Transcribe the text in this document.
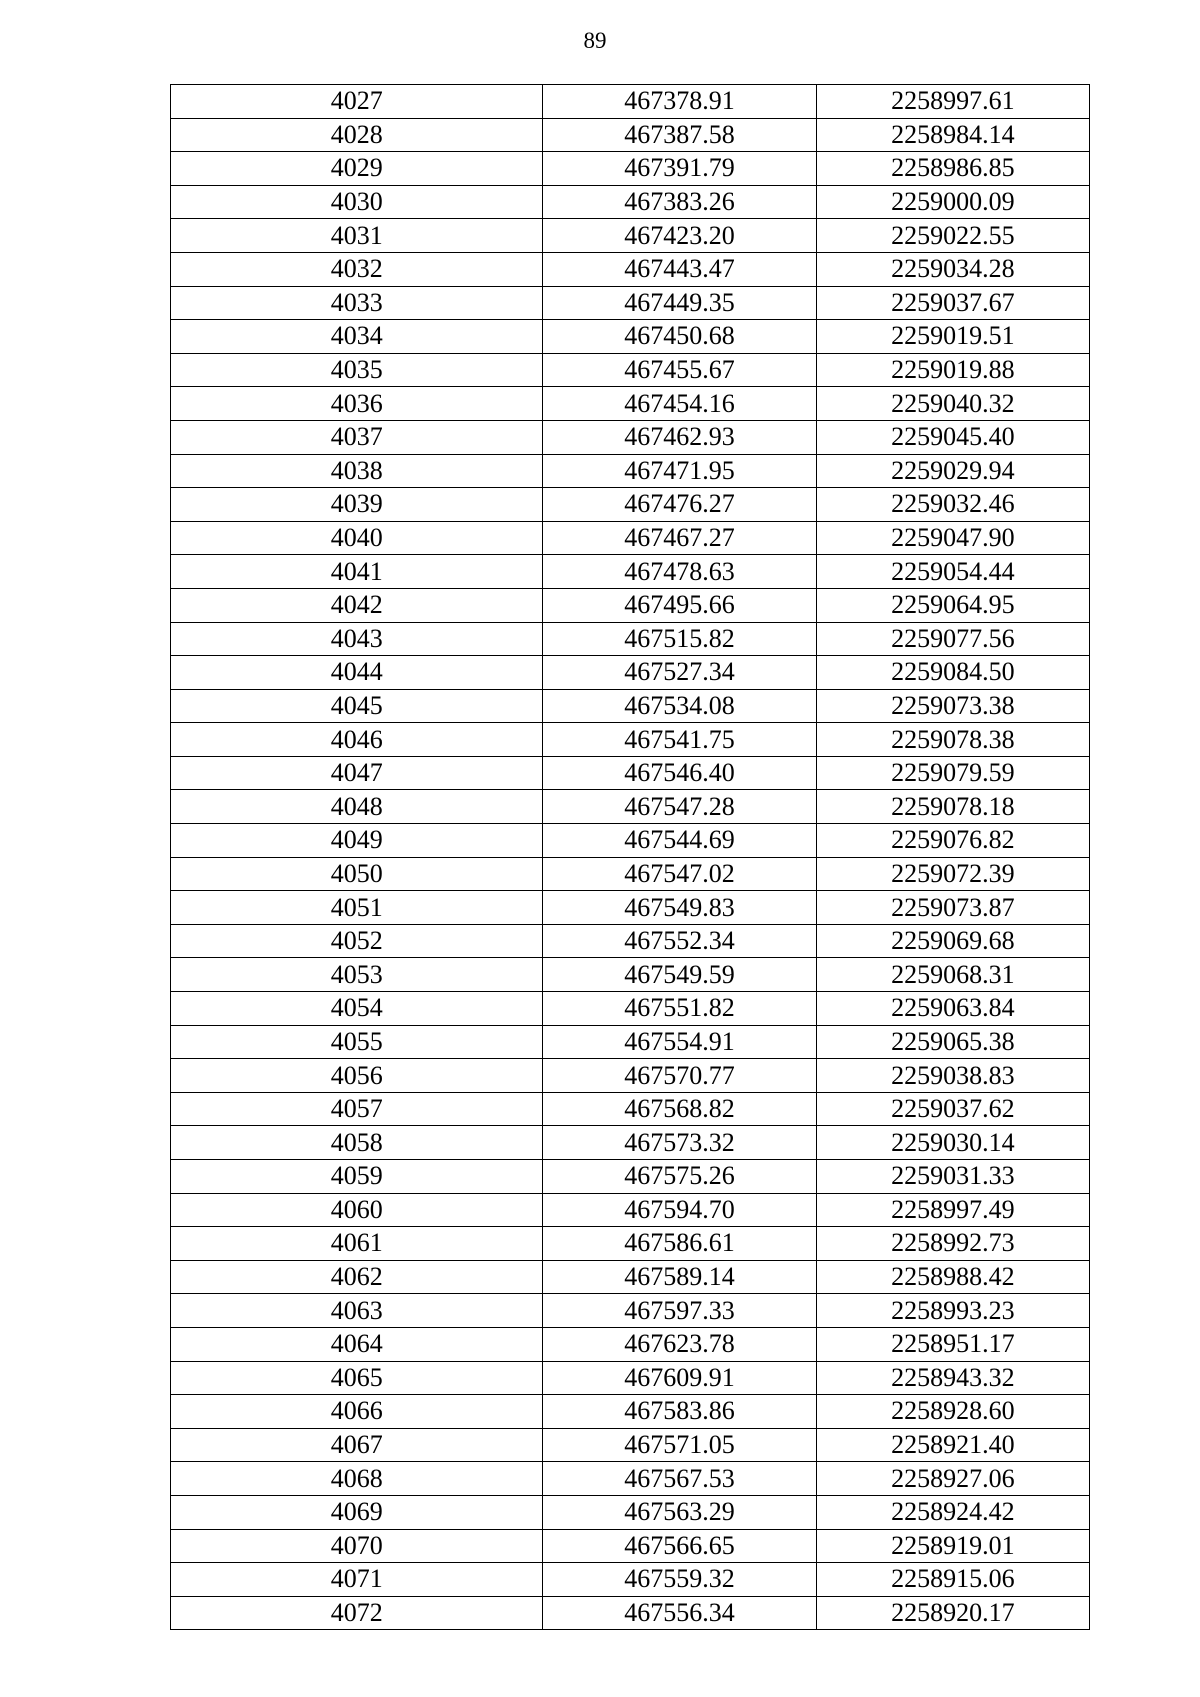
89
4027	467378.91	2258997.61
4028	467387.58	2258984.14
4029	467391.79	2258986.85
4030	467383.26	2259000.09
4031	467423.20	2259022.55
4032	467443.47	2259034.28
4033	467449.35	2259037.67
4034	467450.68	2259019.51
4035	467455.67	2259019.88
4036	467454.16	2259040.32
4037	467462.93	2259045.40
4038	467471.95	2259029.94
4039	467476.27	2259032.46
4040	467467.27	2259047.90
4041	467478.63	2259054.44
4042	467495.66	2259064.95
4043	467515.82	2259077.56
4044	467527.34	2259084.50
4045	467534.08	2259073.38
4046	467541.75	2259078.38
4047	467546.40	2259079.59
4048	467547.28	2259078.18
4049	467544.69	2259076.82
4050	467547.02	2259072.39
4051	467549.83	2259073.87
4052	467552.34	2259069.68
4053	467549.59	2259068.31
4054	467551.82	2259063.84
4055	467554.91	2259065.38
4056	467570.77	2259038.83
4057	467568.82	2259037.62
4058	467573.32	2259030.14
4059	467575.26	2259031.33
4060	467594.70	2258997.49
4061	467586.61	2258992.73
4062	467589.14	2258988.42
4063	467597.33	2258993.23
4064	467623.78	2258951.17
4065	467609.91	2258943.32
4066	467583.86	2258928.60
4067	467571.05	2258921.40
4068	467567.53	2258927.06
4069	467563.29	2258924.42
4070	467566.65	2258919.01
4071	467559.32	2258915.06
4072	467556.34	2258920.17
